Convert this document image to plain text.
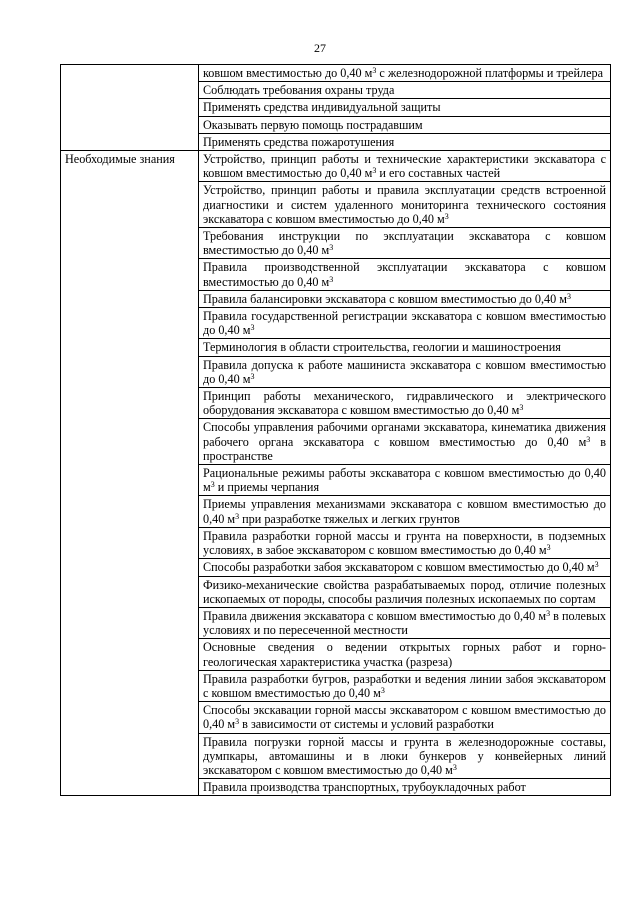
27
	ковшом вместимостью до 0,40 $м^3$ с железнодорожной платформы и трейлера
	Соблюдать требования охраны труда
	Применять средства индивидуальной защиты
	Оказывать первую помощь пострадавшим
	Применять средства пожаротушения
Необходимые знания	Устройство, принцип работы и технические характеристики экскаватора с ковшом вместимостью до 0,40 $м^3$ и его составных частей
	Устройство, принцип работы и правила эксплуатации средств встроенной диагностики и систем удаленного мониторинга технического состояния экскаватора с ковшом вместимостью до 0,40 $м^3$
	Требования инструкции по эксплуатации экскаватора с ковшом вместимостью до 0,40 $м^3$
	Правила производственной эксплуатации экскаватора с ковшом вместимостью до 0,40 $м^3$
	Правила балансировки экскаватора с ковшом вместимостью до 0,40 $м^3$
	Правила государственной регистрации экскаватора с ковшом вместимостью до 0,40 $м^3$
	Терминология в области строительства, геологии и машиностроения
	Правила допуска к работе машиниста экскаватора с ковшом вместимостью до 0,40 $м^3$
	Принцип работы механического, гидравлического и электрического оборудования экскаватора с ковшом вместимостью до 0,40 $м^3$
	Способы управления рабочими органами экскаватора, кинематика движения рабочего органа экскаватора с ковшом вместимостью до 0,40 $м^3$ в пространстве
	Рациональные режимы работы экскаватора с ковшом вместимостью до 0,40 $м^3$ и приемы черпания
	Приемы управления механизмами экскаватора с ковшом вместимостью до 0,40 $м^3$ при разработке тяжелых и легких грунтов
	Правила разработки горной массы и грунта на поверхности, в подземных условиях, в забое экскаватором с ковшом вместимостью до 0,40 $м^3$
	Способы разработки забоя экскаватором с ковшом вместимостью до 0,40 $м^3$
	Физико-механические свойства разрабатываемых пород, отличие полезных ископаемых от породы, способы различия полезных ископаемых по сортам
	Правила движения экскаватора с ковшом вместимостью до 0,40 $м^3$ в полевых условиях и по пересеченной местности
	Основные сведения о ведении открытых горных работ и горно-геологическая характеристика участка (разреза)
	Правила разработки бугров, разработки и ведения линии забоя экскаватором с ковшом вместимостью до 0,40 $м^3$
	Способы экскавации горной массы экскаватором с ковшом вместимостью до 0,40 $м^3$ в зависимости от системы и условий разработки
	Правила погрузки горной массы и грунта в железнодорожные составы, думпкары, автомашины и в люки бункеров у конвейерных линий экскаватором с ковшом вместимостью до 0,40 $м^3$
	Правила производства транспортных, трубоукладочных работ
